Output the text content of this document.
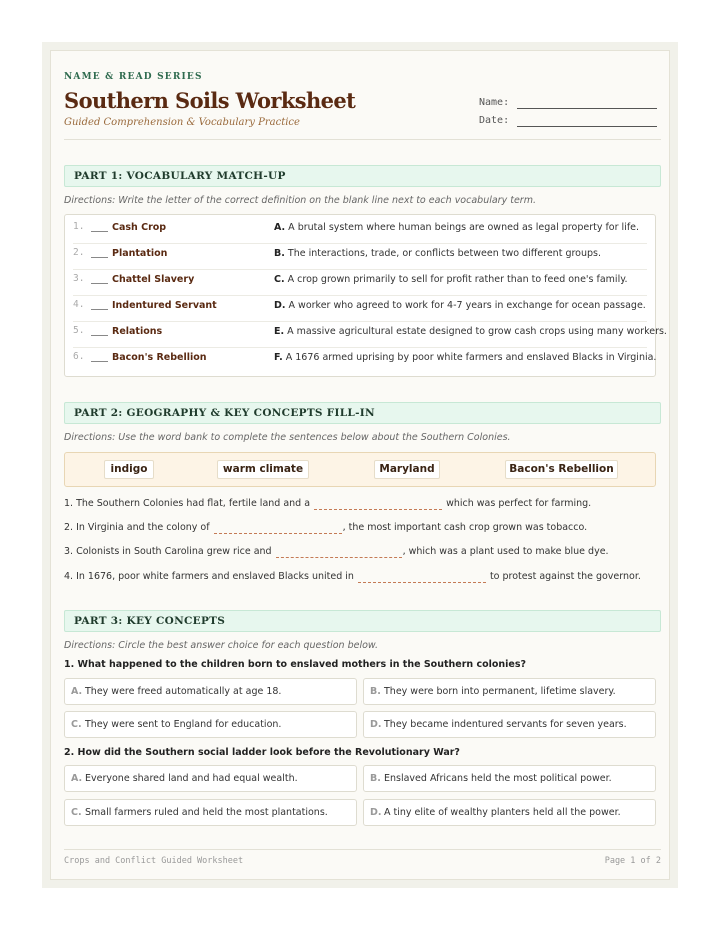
NAME & READ SERIES
Southern Soils Worksheet
Guided Comprehension & Vocabulary Practice
Name:
Date:
PART 1: VOCABULARY MATCH-UP
Directions: Write the letter of the correct definition on the blank line next to each vocabulary term.
1.	Cash Crop	A. A brutal system where human beings are owned as legal property for life.
2.	Plantation	B. The interactions, trade, or conflicts between two different groups.
3.	Chattel Slavery	C. A crop grown primarily to sell for profit rather than to feed one's family.
4.	Indentured Servant	D. A worker who agreed to work for 4-7 years in exchange for ocean passage.
5.	Relations	E. A massive agricultural estate designed to grow cash crops using many workers.
6.	Bacon's Rebellion	F. A 1676 armed uprising by poor white farmers and enslaved Blacks in Virginia.
PART 2: GEOGRAPHY & KEY CONCEPTS FILL-IN
Directions: Use the word bank to complete the sentences below about the Southern Colonies.
indigo	warm climate	Maryland	Bacon's Rebellion
1. The Southern Colonies had flat, fertile land and a	which was perfect for farming.
2. In Virginia and the colony of	, the most important cash crop grown was tobacco.
3. Colonists in South Carolina grew rice and	, which was a plant used to make blue dye.
4. In 1676, poor white farmers and enslaved Blacks united in	to protest against the governor.
PART 3: KEY CONCEPTS
Directions: Circle the best answer choice for each question below.
1. What happened to the children born to enslaved mothers in the Southern colonies?
A. They were freed automatically at age 18.	B. They were born into permanent, lifetime slavery.
C. They were sent to England for education.	D. They became indentured servants for seven years.
2. How did the Southern social ladder look before the Revolutionary War?
A. Everyone shared land and had equal wealth.	B. Enslaved Africans held the most political power.
C. Small farmers ruled and held the most plantations.	D. A tiny elite of wealthy planters held all the power.
Crops and Conflict Guided Worksheet	Page 1 of 2
